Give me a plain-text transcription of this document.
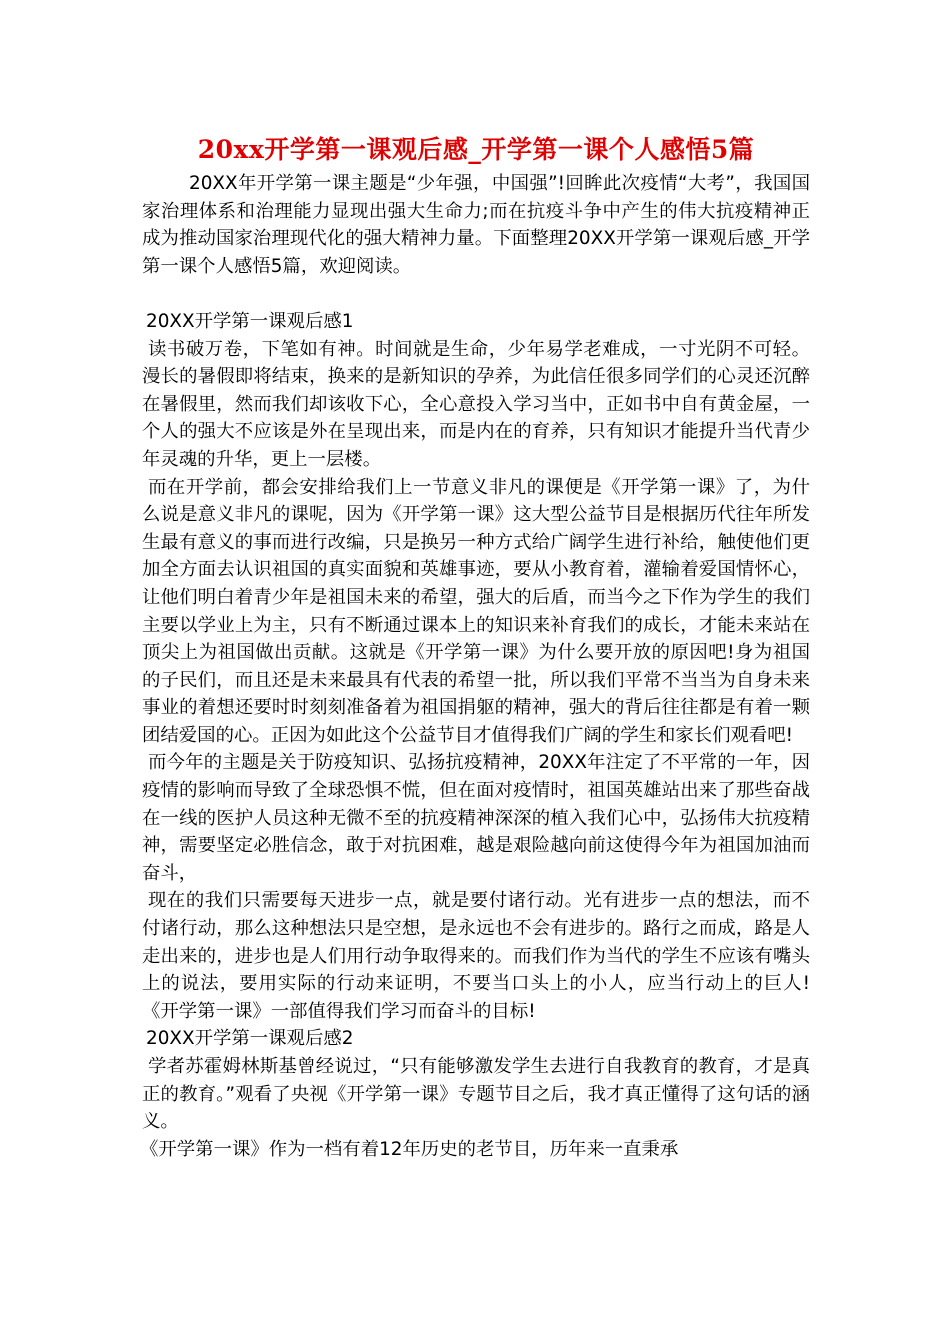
20xx开学第一课观后感_开学第一课个人感悟5篇

20XX年开学第一课主题是“少年强，中国强”!回眸此次疫情“大考”，我国国家治理体系和治理能力显现出强大生命力;而在抗疫斗争中产生的伟大抗疫精神正成为推动国家治理现代化的强大精神力量。下面整理20XX开学第一课观后感_开学第一课个人感悟5篇，欢迎阅读。

20XX开学第一课观后感1

读书破万卷，下笔如有神。时间就是生命，少年易学老难成，一寸光阴不可轻。漫长的暑假即将结束，换来的是新知识的孕养，为此信任很多同学们的心灵还沉醉在暑假里，然而我们却该收下心，全心意投入学习当中，正如书中自有黄金屋，一个人的强大不应该是外在呈现出来，而是内在的育养，只有知识才能提升当代青少年灵魂的升华，更上一层楼。

而在开学前，都会安排给我们上一节意义非凡的课便是《开学第一课》了，为什么说是意义非凡的课呢，因为《开学第一课》这大型公益节目是根据历代往年所发生最有意义的事而进行改编，只是换另一种方式给广阔学生进行补给，触使他们更加全方面去认识祖国的真实面貌和英雄事迹，要从小教育着，灌输着爱国情怀心，让他们明白着青少年是祖国未来的希望，强大的后盾，而当今之下作为学生的我们主要以学业上为主，只有不断通过课本上的知识来补育我们的成长，才能未来站在顶尖上为祖国做出贡献。这就是《开学第一课》为什么要开放的原因吧!身为祖国的子民们，而且还是未来最具有代表的希望一批，所以我们平常不当当为自身未来事业的着想还要时时刻刻准备着为祖国捐躯的精神，强大的背后往往都是有着一颗团结爱国的心。正因为如此这个公益节目才值得我们广阔的学生和家长们观看吧!

而今年的主题是关于防疫知识、弘扬抗疫精神，20XX年注定了不平常的一年，因疫情的影响而导致了全球恐惧不慌，但在面对疫情时，祖国英雄站出来了那些奋战在一线的医护人员这种无微不至的抗疫精神深深的植入我们心中，弘扬伟大抗疫精神，需要坚定必胜信念，敢于对抗困难，越是艰险越向前这使得今年为祖国加油而奋斗，

现在的我们只需要每天进步一点，就是要付诸行动。光有进步一点的想法，而不付诸行动，那么这种想法只是空想，是永远也不会有进步的。路行之而成，路是人走出来的，进步也是人们用行动争取得来的。而我们作为当代的学生不应该有嘴头上的说法，要用实际的行动来证明，不要当口头上的小人，应当行动上的巨人!《开学第一课》一部值得我们学习而奋斗的目标!

20XX开学第一课观后感2

学者苏霍姆林斯基曾经说过，“只有能够激发学生去进行自我教育的教育，才是真正的教育。”观看了央视《开学第一课》专题节目之后，我才真正懂得了这句话的涵义。

《开学第一课》作为一档有着12年历史的老节目，历年来一直秉承
